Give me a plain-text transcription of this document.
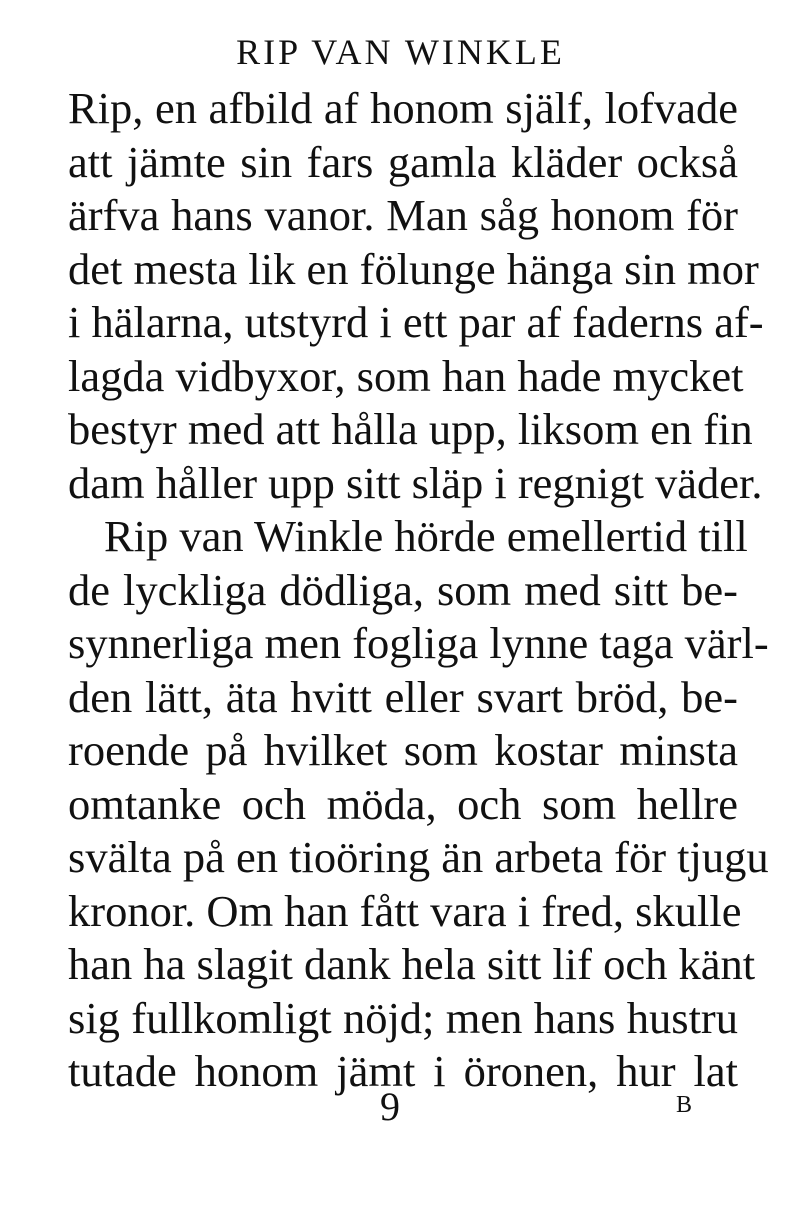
RIP VAN WINKLE
Rip, en afbild af honom själf, lofvade
att jämte sin fars gamla kläder också
ärfva hans vanor. Man såg honom för
det mesta lik en fölunge hänga sin mor
i hälarna, utstyrd i ett par af faderns af-
lagda vidbyxor, som han hade mycket
bestyr med att hålla upp, liksom en fin
dam håller upp sitt släp i regnigt väder.
Rip van Winkle hörde emellertid till
de lyckliga dödliga, som med sitt be-
synnerliga men fogliga lynne taga värl-
den lätt, äta hvitt eller svart bröd, be-
roende på hvilket som kostar minsta
omtanke och möda, och som hellre
svälta på en tioöring än arbeta för tjugu
kronor. Om han fått vara i fred, skulle
han ha slagit dank hela sitt lif och känt
sig fullkomligt nöjd; men hans hustru
tutade honom jämt i öronen, hur lat
9	B
